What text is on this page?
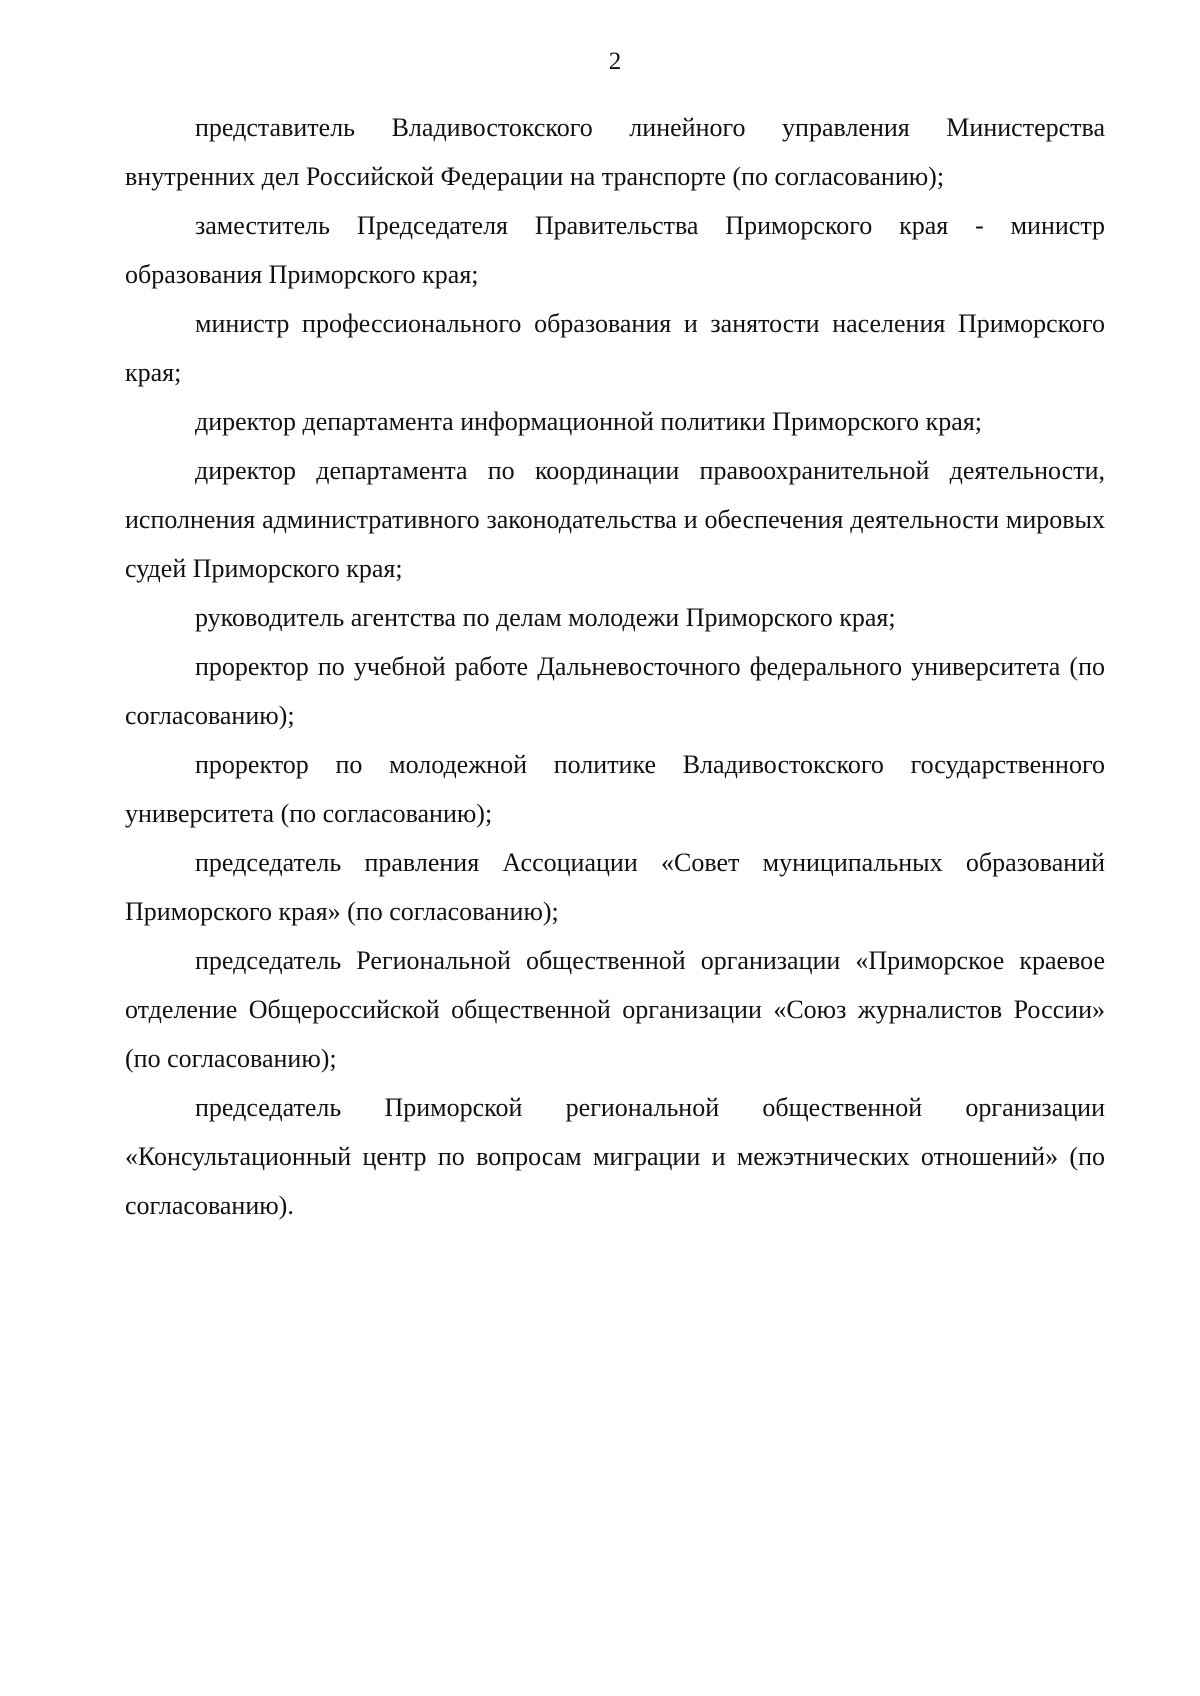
2

представитель Владивостокского линейного управления Министерства внутренних дел Российской Федерации на транспорте (по согласованию);

заместитель Председателя Правительства Приморского края - министр образования Приморского края;

министр профессионального образования и занятости населения Приморского края;

директор департамента информационной политики Приморского края;

директор департамента по координации правоохранительной деятельности, исполнения административного законодательства и обеспечения деятельности мировых судей Приморского края;

руководитель агентства по делам молодежи Приморского края;

проректор по учебной работе Дальневосточного федерального университета (по согласованию);

проректор по молодежной политике Владивостокского государственного университета (по согласованию);

председатель правления Ассоциации «Совет муниципальных образований Приморского края» (по согласованию);

председатель Региональной общественной организации «Приморское краевое отделение Общероссийской общественной организации «Союз журналистов России» (по согласованию);

председатель Приморской региональной общественной организации «Консультационный центр по вопросам миграции и межэтнических отношений» (по согласованию).
